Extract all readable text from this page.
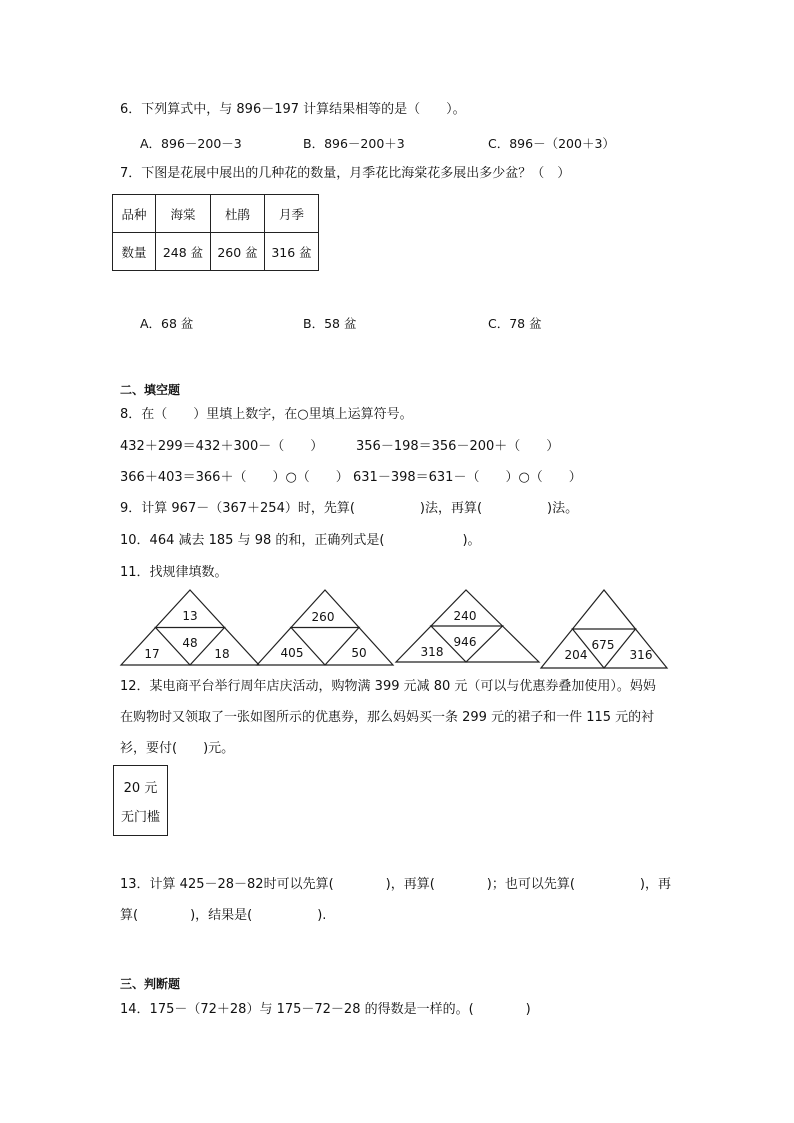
6．下列算式中，与 896－197 计算结果相等的是（　　）。
A．896－200－3	B．896－200＋3	C．896－（200＋3）
7．下图是花展中展出的几种花的数量，月季花比海棠花多展出多少盆？（　）
品种	海棠	杜鹃	月季
数量	248 盆	260 盆	316 盆
A．68 盆	B．58 盆	C．78 盆
二、填空题
8．在（　　）里填上数字，在○里填上运算符号。
432＋299＝432＋300－（　　）	356－198＝356－200＋（　　）
366＋403＝366＋（　　）○（　　） 631－398＝631－（　　）○（　　）
9．计算 967－（367＋254）时，先算(　　　　　)法，再算(　　　　　)法。
10．464 减去 185 与 98 的和，正确列式是(　　　　　　)。
11．找规律填数。
13
48
17	18
260
405	50
240
946
318	675
204	316
12．某电商平台举行周年店庆活动，购物满 399 元减 80 元（可以与优惠券叠加使用）。妈妈
在购物时又领取了一张如图所示的优惠券，那么妈妈买一条 299 元的裙子和一件 115 元的衬
衫，要付(　　)元。
20 元
无门槛
13．计算 425－28－82时可以先算(　　　　)，再算(　　　　)；也可以先算(　　　　　)，再
算(　　　　)，结果是(　　　　　).
三、判断题
14．175－（72＋28）与 175－72－28 的得数是一样的。(　　　　)
